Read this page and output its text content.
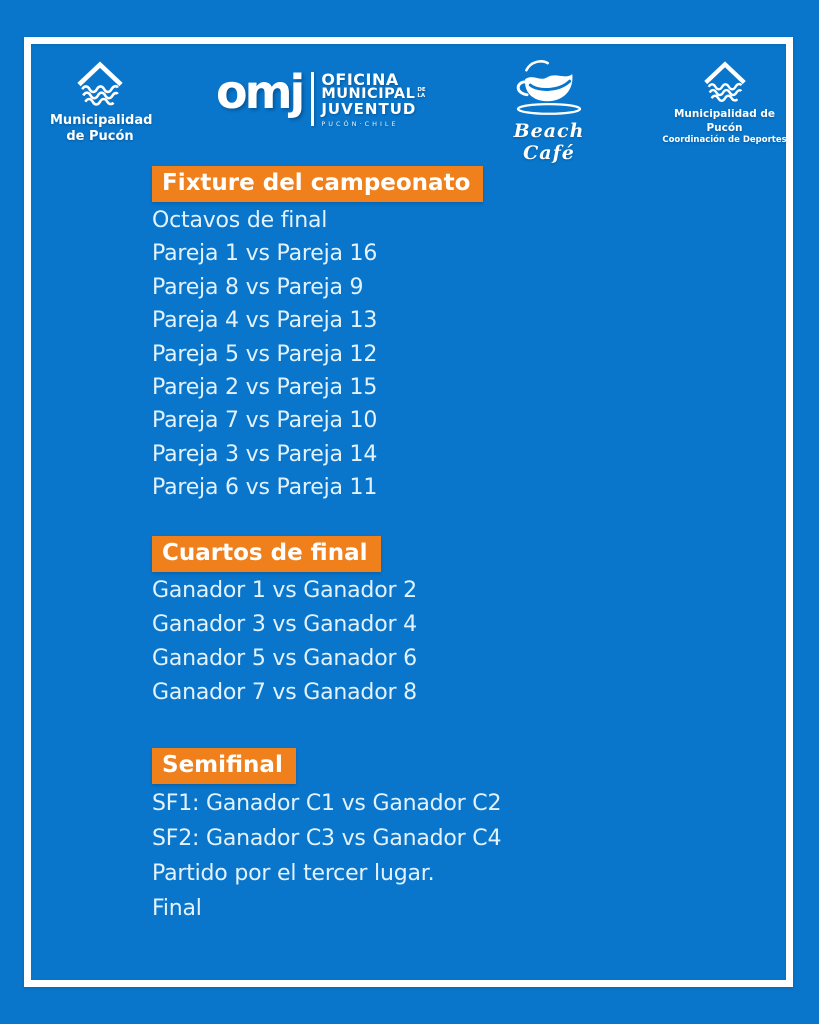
Municipalidad
de Pucón
omj OFICINA
MUNICIPAL DE
LA
JUVENTUD
PUCÓN·CHILE	Beach Café
Municipalidad de Pucón
Coordinación de Deportes
Fixture del campeonato
Octavos de final
Pareja 1 vs Pareja 16
Pareja 8 vs Pareja 9
Pareja 4 vs Pareja 13
Pareja 5 vs Pareja 12
Pareja 2 vs Pareja 15
Pareja 7 vs Pareja 10
Pareja 3 vs Pareja 14
Pareja 6 vs Pareja 11
Cuartos de final
Ganador 1 vs Ganador 2
Ganador 3 vs Ganador 4
Ganador 5 vs Ganador 6
Ganador 7 vs Ganador 8
Semifinal
SF1: Ganador C1 vs Ganador C2
SF2: Ganador C3 vs Ganador C4
Partido por el tercer lugar.
Final
